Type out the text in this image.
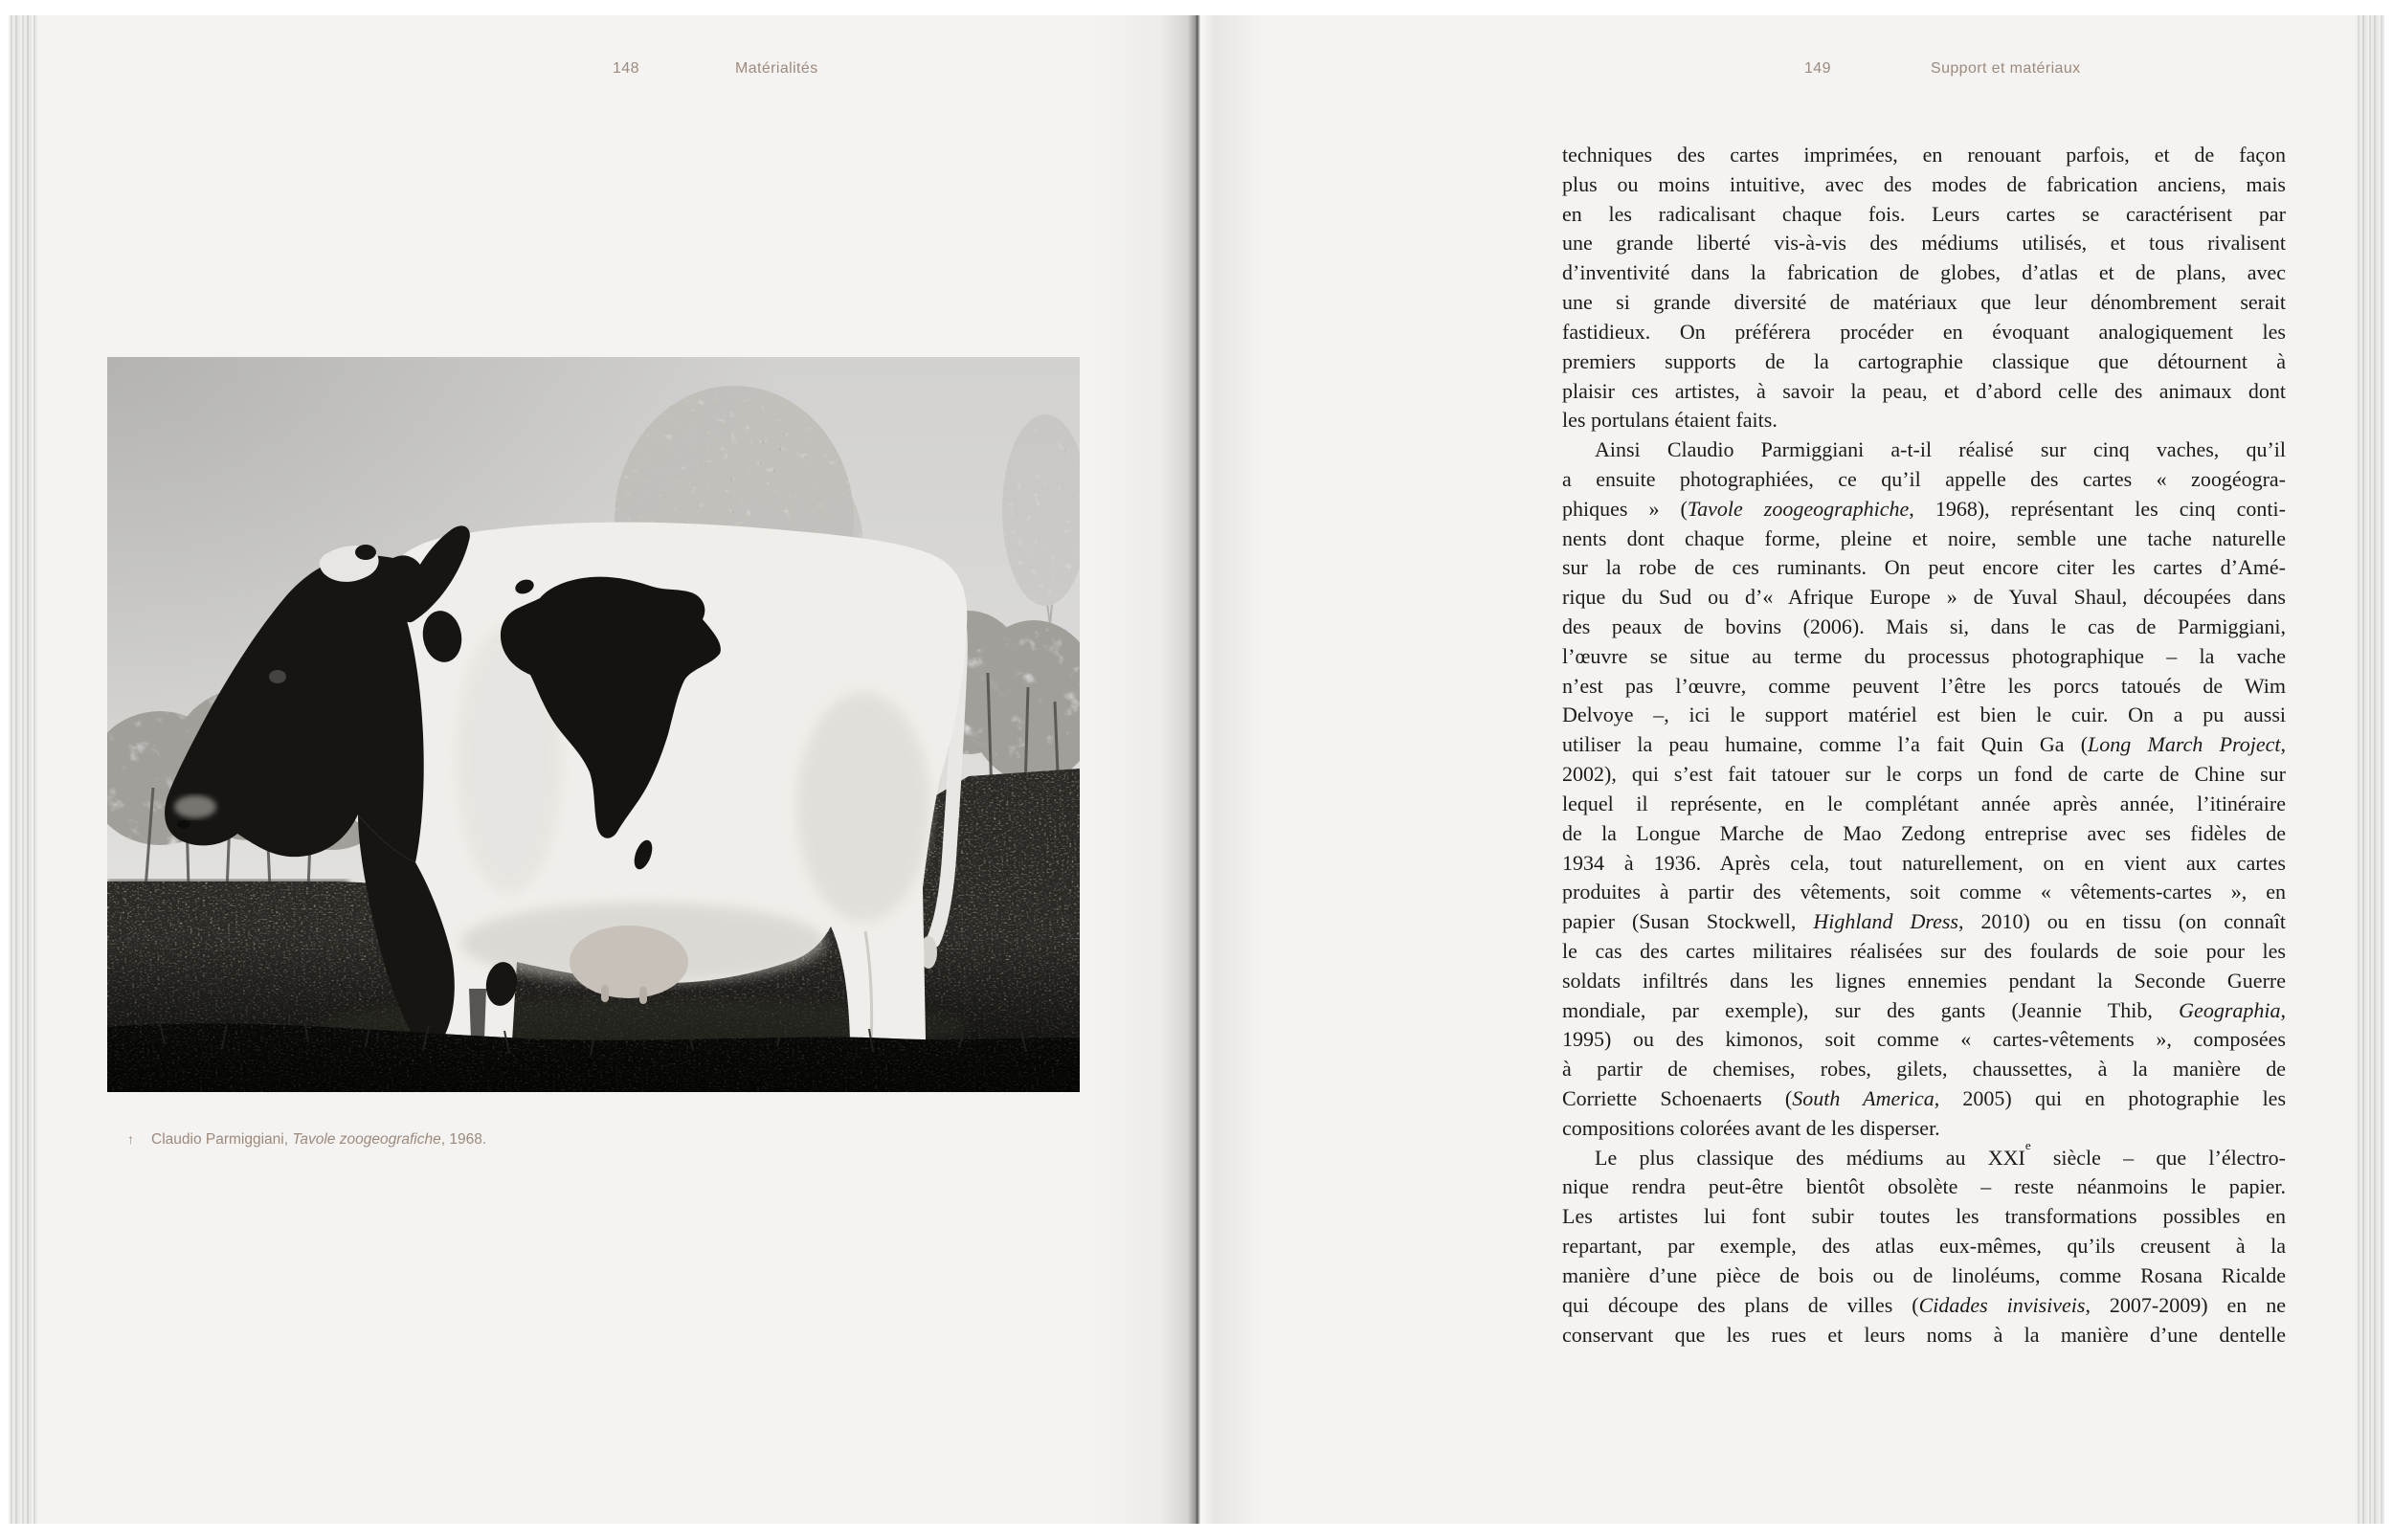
148	Matérialités
↑ Claudio Parmiggiani, Tavole zoogeografiche, 1968.
149	Support et matériaux
techniques des cartes imprimées, en renouant parfois, et de façon
plus ou moins intuitive, avec des modes de fabrication anciens, mais
en les radicalisant chaque fois. Leurs cartes se caractérisent par
une grande liberté vis-à-vis des médiums utilisés, et tous rivalisent
d’inventivité dans la fabrication de globes, d’atlas et de plans, avec
une si grande diversité de matériaux que leur dénombrement serait
fastidieux. On préférera procéder en évoquant analogiquement les
premiers supports de la cartographie classique que détournent à
plaisir ces artistes, à savoir la peau, et d’abord celle des animaux dont
les portulans étaient faits.
Ainsi Claudio Parmiggiani a-t-il réalisé sur cinq vaches, qu’il
a ensuite photographiées, ce qu’il appelle des cartes « zoogéogra-
phiques » (Tavole zoogeographiche, 1968), représentant les cinq conti-
nents dont chaque forme, pleine et noire, semble une tache naturelle
sur la robe de ces ruminants. On peut encore citer les cartes d’Amé-
rique du Sud ou d’« Afrique Europe » de Yuval Shaul, découpées dans
des peaux de bovins (2006). Mais si, dans le cas de Parmiggiani,
l’œuvre se situe au terme du processus photographique – la vache
n’est pas l’œuvre, comme peuvent l’être les porcs tatoués de Wim
Delvoye –, ici le support matériel est bien le cuir. On a pu aussi
utiliser la peau humaine, comme l’a fait Quin Ga (Long March Project,
2002), qui s’est fait tatouer sur le corps un fond de carte de Chine sur
lequel il représente, en le complétant année après année, l’itinéraire
de la Longue Marche de Mao Zedong entreprise avec ses fidèles de
1934 à 1936. Après cela, tout naturellement, on en vient aux cartes
produites à partir des vêtements, soit comme « vêtements-cartes », en
papier (Susan Stockwell, Highland Dress, 2010) ou en tissu (on connaît
le cas des cartes militaires réalisées sur des foulards de soie pour les
soldats infiltrés dans les lignes ennemies pendant la Seconde Guerre
mondiale, par exemple), sur des gants (Jeannie Thib, Geographia,
1995) ou des kimonos, soit comme « cartes-vêtements », composées
à partir de chemises, robes, gilets, chaussettes, à la manière de
Corriette Schoenaerts (South America, 2005) qui en photographie les
compositions colorées avant de les disperser.
Le plus classique des médiums au XXIe siècle – que l’électro-
nique rendra peut-être bientôt obsolète – reste néanmoins le papier.
Les artistes lui font subir toutes les transformations possibles en
repartant, par exemple, des atlas eux-mêmes, qu’ils creusent à la
manière d’une pièce de bois ou de linoléums, comme Rosana Ricalde
qui découpe des plans de villes (Cidades invisiveis, 2007-2009) en ne
conservant que les rues et leurs noms à la manière d’une dentelle
